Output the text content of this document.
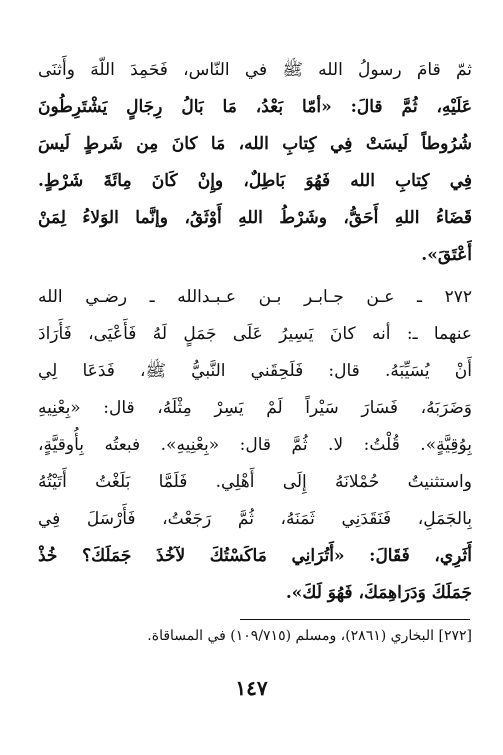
ثمّ قامَ رسولُ الله ﷺ في النّاس، فَحَمِدَ اللّهَ وأَثنَى
عَلَيْهِ، ثُمَّ قالَ: «أمّا بَعْدُ، مَا بَالُ رِجَالٍ يَشْتَرِطُونَ
شُرُوطاً لَيسَتْ فِي كِتابِ الله، مَا كانَ مِن شَرطٍ لَيسَ
فِي كِتابِ الله فَهُوَ بَاطِلٌ، وإِنْ كَانَ مِائَةَ شَرْطٍ.
قَضَاءُ اللهِ أَحَقُّ، وشَرْطُ اللهِ أَوْثَقُ، وإنَّما الوَلاءُ لِمَنْ
أَعْتَقَ».
٢٧٢ ـ عـن جـابـر بـن عـبـدالله ـ رضـي الله
عنهما ـ: أنه كانَ يَسِيرُ عَلَى جَمَلٍ لَهُ فَأَعْيَى، فَأَرَادَ
أَنْ يُسَيِّبَهُ. قال: فَلَحِقَني النَّبيُّ ﷺ، فَدَعَا لِي
وَضَرَبَهُ، فَسَارَ سَيْراً لَمْ يَسِرْ مِثْلَهُ، قال: «بِعْنِيهِ
بِوُقِيَّةٍ». قُلْتُ: لا. ثُمَّ قال: «بِعْنِيهِ». فبعتُه بِأُوقيَّةٍ،
واستثنيتُ حُمْلانَهُ إِلَى أَهْلِي. فَلَمَّا بَلَغْتُ أَتَيْتُهُ
بِالجَمَلِ، فَنَقَدَنِي ثَمَنَهُ، ثُمَّ رَجَعْتُ، فَأَرْسَلَ فِي
أَثَرِي، فَقَالَ: «أَتُرَانِي مَاكَسْتُكَ لآخُذَ جَمَلَكَ؟ خُذْ
جَمَلَكَ وَدَرَاهِمَكَ، فَهُوَ لَكَ».
[٢٧٢] البخاري (٢٨٦١)، ومسلم (١٠٩/٧١٥) في المساقاة.
١٤٧
